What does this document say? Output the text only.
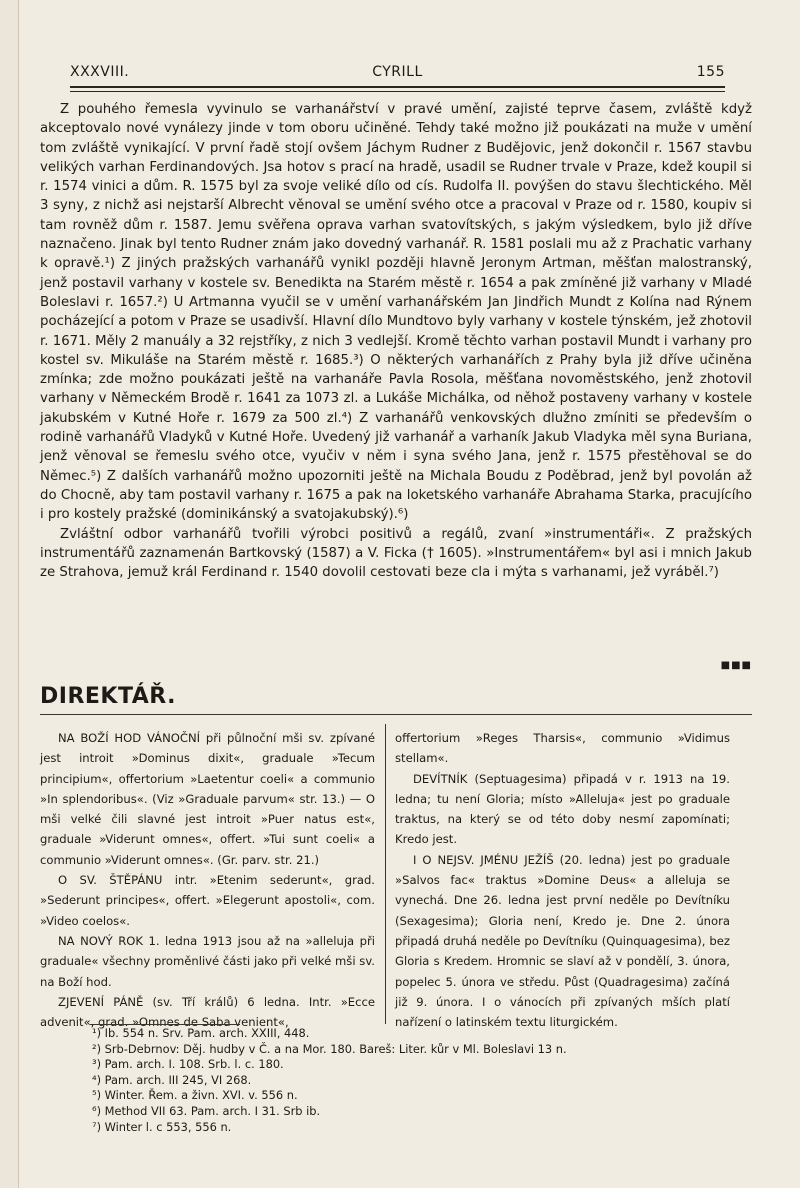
XXXVIII.	CYRILL	155

Z pouhého řemesla vyvinulo se varhanářství v pravé umění, zajisté teprve časem, zvláště když akceptovalo nové vynálezy jinde v tom oboru učiněné. Tehdy také možno již poukázati na muže v umění tom zvláště vynikající. V první řadě stojí ovšem Jáchym Rudner z Budějovic, jenž dokončil r. 1567 stavbu velikých varhan Ferdinandových. Jsa hotov s prací na hradě, usadil se Rudner trvale v Praze, kdež koupil si r. 1574 vinici a dům. R. 1575 byl za svoje veliké dílo od cís. Rudolfa II. povýšen do stavu šlechtického. Měl 3 syny, z nichž asi nejstarší Albrecht věnoval se umění svého otce a pracoval v Praze od r. 1580, koupiv si tam rovněž dům r. 1587. Jemu svěřena oprava varhan svatovítských, s jakým výsledkem, bylo již dříve naznačeno. Jinak byl tento Rudner znám jako dovedný varhanář. R. 1581 poslali mu až z Prachatic varhany k opravě.¹) Z jiných pražských varhanářů vynikl později hlavně Jeronym Artman, měšťan malostranský, jenž postavil varhany v kostele sv. Benedikta na Starém městě r. 1654 a pak zmíněné již varhany v Mladé Boleslavi r. 1657.²) U Artmanna vyučil se v umění varhanářském Jan Jindřich Mundt z Kolína nad Rýnem pocházející a potom v Praze se usadivší. Hlavní dílo Mundtovo byly varhany v kostele týnském, jež zhotovil r. 1671. Měly 2 manuály a 32 rejstříky, z nich 3 vedlejší. Kromě těchto varhan postavil Mundt i varhany pro kostel sv. Mikuláše na Starém městě r. 1685.³) O některých varhanářích z Prahy byla již dříve učiněna zmínka; zde možno poukázati ještě na varhanáře Pavla Rosola, měšťana novoměstského, jenž zhotovil varhany v Německém Brodě r. 1641 za 1073 zl. a Lukáše Michálka, od něhož postaveny varhany v kostele jakubském v Kutné Hoře r. 1679 za 500 zl.⁴) Z varhanářů venkovských dlužno zmíniti se především o rodině varhanářů Vladyků v Kutné Hoře. Uvedený již varhanář a varhaník Jakub Vladyka měl syna Buriana, jenž věnoval se řemeslu svého otce, vyučiv v něm i syna svého Jana, jenž r. 1575 přestěhoval se do Němec.⁵) Z dalších varhanářů možno upozorniti ještě na Michala Boudu z Poděbrad, jenž byl povolán až do Chocně, aby tam postavil varhany r. 1675 a pak na loketského varhanáře Abrahama Starka, pracujícího i pro kostely pražské (dominikánský a svatojakubský).⁶)

Zvláštní odbor varhanářů tvořili výrobci positivů a regálů, zvaní »instrumentáři«. Z pražských instrumentářů zaznamenán Bartkovský (1587) a V. Ficka († 1605). »Instrumentářem« byl asi i mnich Jakub ze Strahova, jemuž král Ferdinand r. 1540 dovolil cestovati beze cla i mýta s varhanami, jež vyráběl.⁷)

■■■
DIREKTÁŘ.

NA BOŽÍ HOD VÁNOČNÍ při půlnoční mši sv. zpívané jest introit »Dominus dixit«, graduale »Tecum principium«, offertorium »Laetentur coeli« a communio »In splendoribus«. (Viz »Graduale parvum« str. 13.) — O mši velké čili slavné jest introit »Puer natus est«, graduale »Viderunt omnes«, offert. »Tui sunt coeli« a communio »Viderunt omnes«. (Gr. parv. str. 21.)

O SV. ŠTĚPÁNU intr. »Etenim sederunt«, grad. »Sederunt principes«, offert. »Elegerunt apostoli«, com. »Video coelos«.

NA NOVÝ ROK 1. ledna 1913 jsou až na »alleluja při graduale« všechny proměnlivé části jako při velké mši sv. na Boží hod.

ZJEVENÍ PÁNĚ (sv. Tří králů) 6 ledna. Intr. »Ecce advenit«, grad. »Omnes de Saba venient«,

offertorium »Reges Tharsis«, communio »Vidimus stellam«.

DEVÍTNÍK (Septuagesima) připadá v r. 1913 na 19. ledna; tu není Gloria; místo »Alleluja« jest po graduale traktus, na který se od této doby nesmí zapomínati; Kredo jest.

I O NEJSV. JMÉNU JEŽÍŠ (20. ledna) jest po graduale »Salvos fac« traktus »Domine Deus« a alleluja se vynechá. Dne 26. ledna jest první neděle po Devítníku (Sexagesima); Gloria není, Kredo je. Dne 2. února připadá druhá neděle po Devítníku (Quinquagesima), bez Gloria s Kredem. Hromnic se slaví až v pondělí, 3. února, popelec 5. února ve středu. Půst (Quadragesima) začíná již 9. února. I o vánocích při zpívaných mších platí nařízení o latinském textu liturgickém.

¹) Ib. 554 n. Srv. Pam. arch. XXIII, 448.
²) Srb-Debrnov: Děj. hudby v Č. a na Mor. 180. Bareš: Liter. kůr v Ml. Boleslavi 13 n.
³) Pam. arch. I. 108. Srb. l. c. 180.
⁴) Pam. arch. III 245, VI 268.
⁵) Winter. Řem. a živn. XVI. v. 556 n.
⁶) Method VII 63. Pam. arch. I 31. Srb ib.
⁷) Winter l. c 553, 556 n.
